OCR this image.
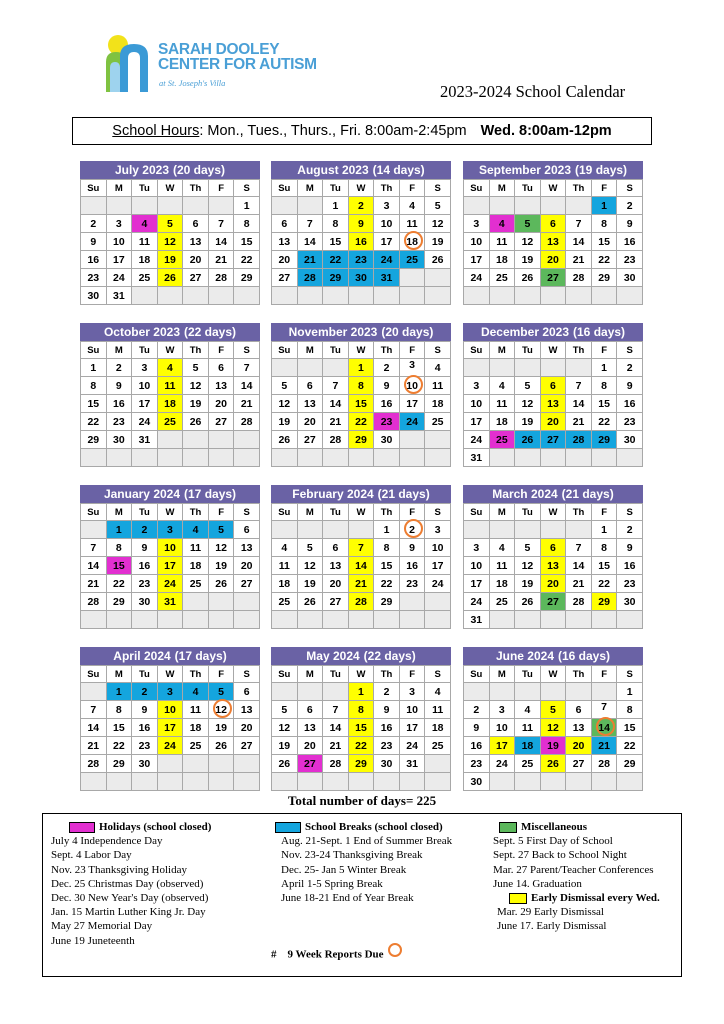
SARAH DOOLEY
CENTER FOR AUTISM
at St. Joseph's Villa	2023-2024 School Calendar
School Hours : Mon., Tues., Thurs., Fri. 8:00am-2:45pm Wed. 8:00am-12pm
July 2023 (20 days)
Su	M	Tu	W	Th	F	S
						1
2	3	4	5	6	7	8
9	10	11	12	13	14	15
16	17	18	19	20	21	22
23	24	25	26	27	28	29
30	31					
August 2023 (14 days)
Su	M	Tu	W	Th	F	S
		1	2	3	4	5
6	7	8	9	10	11	12
13	14	15	16	17	18	19
20	21	22	23	24	25	26
27	28	29	30	31		

September 2023 (19 days)
Su	M	Tu	W	Th	F	S
					1	2
3	4	5	6	7	8	9
10	11	12	13	14	15	16
17	18	19	20	21	22	23
24	25	26	27	28	29	30

October 2023 (22 days)
Su	M	Tu	W	Th	F	S
1	2	3	4	5	6	7
8	9	10	11	12	13	14
15	16	17	18	19	20	21
22	23	24	25	26	27	28
29	30	31				

November 2023 (20 days)
Su	M	Tu	W	Th	F	S
			1	2	3	4
5	6	7	8	9	10	11
12	13	14	15	16	17	18
19	20	21	22	23	24	25
26	27	28	29	30		

December 2023 (16 days)
Su	M	Tu	W	Th	F	S
					1	2
3	4	5	6	7	8	9
10	11	12	13	14	15	16
17	18	19	20	21	22	23
24	25	26	27	28	29	30
31						
January 2024 (17 days)
Su	M	Tu	W	Th	F	S
	1	2	3	4	5	6
7	8	9	10	11	12	13
14	15	16	17	18	19	20
21	22	23	24	25	26	27
28	29	30	31			

February 2024 (21 days)
Su	M	Tu	W	Th	F	S
				1	2	3
4	5	6	7	8	9	10
11	12	13	14	15	16	17
18	19	20	21	22	23	24
25	26	27	28	29		

March 2024 (21 days)
Su	M	Tu	W	Th	F	S
					1	2
3	4	5	6	7	8	9
10	11	12	13	14	15	16
17	18	19	20	21	22	23
24	25	26	27	28	29	30
31						
April 2024 (17 days)
Su	M	Tu	W	Th	F	S
	1	2	3	4	5	6
7	8	9	10	11	12	13
14	15	16	17	18	19	20
21	22	23	24	25	26	27
28	29	30				

May 2024 (22 days)
Su	M	Tu	W	Th	F	S
			1	2	3	4
5	6	7	8	9	10	11
12	13	14	15	16	17	18
19	20	21	22	23	24	25
26	27	28	29	30	31	

June 2024 (16 days)
Su	M	Tu	W	Th	F	S
						1
2	3	4	5	6	7	8
9	10	11	12	13	14	15
16	17	18	19	20	21	22
23	24	25	26	27	28	29
30						
Total number of days= 225
Holidays (school closed)
July 4 Independence Day
Sept. 4 Labor Day
Nov. 23 Thanksgiving Holiday
Dec. 25 Christmas Day (observed)
Dec. 30 New Year's Day (observed)
Jan. 15 Martin Luther King Jr. Day
May 27 Memorial Day
June 19 Juneteenth
School Breaks (school closed)
Aug. 21-Sept. 1 End of Summer Break
Nov. 23-24 Thanksgiving Break
Dec. 25- Jan 5 Winter Break
April 1-5 Spring Break
June 18-21 End of Year Break
Miscellaneous
Sept. 5 First Day of School
Sept. 27 Back to School Night
Mar. 27 Parent/Teacher Conferences
June 14. Graduation
Early Dismissal every Wed.
Mar. 29 Early Dismissal
June 17. Early Dismissal
# 9 Week Reports Due
